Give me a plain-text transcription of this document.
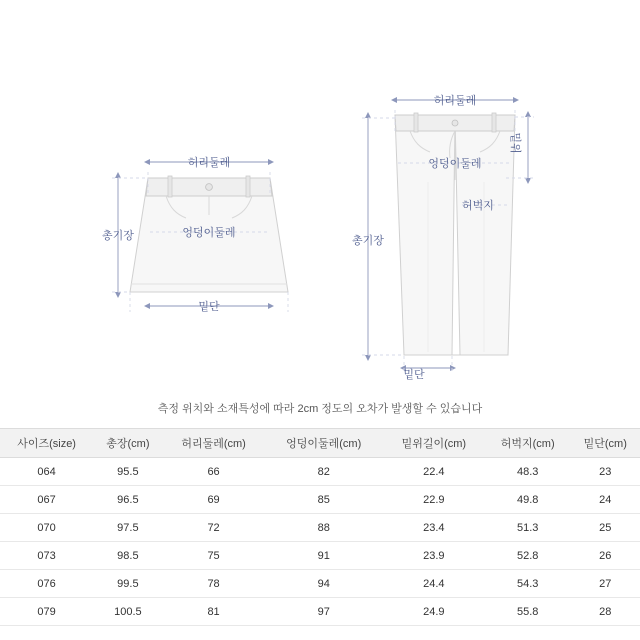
허리둘레
총기장	엉덩이둘레
밑단
허리둘레
밑위
엉덩이둘레
허벅지
총기장
밑단
측정 위치와 소재특성에 따라 2cm 정도의 오차가 발생할 수 있습니다
사이즈(size)	총장(cm)	허리둘레(cm)	엉덩이둘레(cm)	밑위길이(cm)	허벅지(cm)	밑단(cm)
064	95.5	66	82	22.4	48.3	23
067	96.5	69	85	22.9	49.8	24
070	97.5	72	88	23.4	51.3	25
073	98.5	75	91	23.9	52.8	26
076	99.5	78	94	24.4	54.3	27
079	100.5	81	97	24.9	55.8	28
